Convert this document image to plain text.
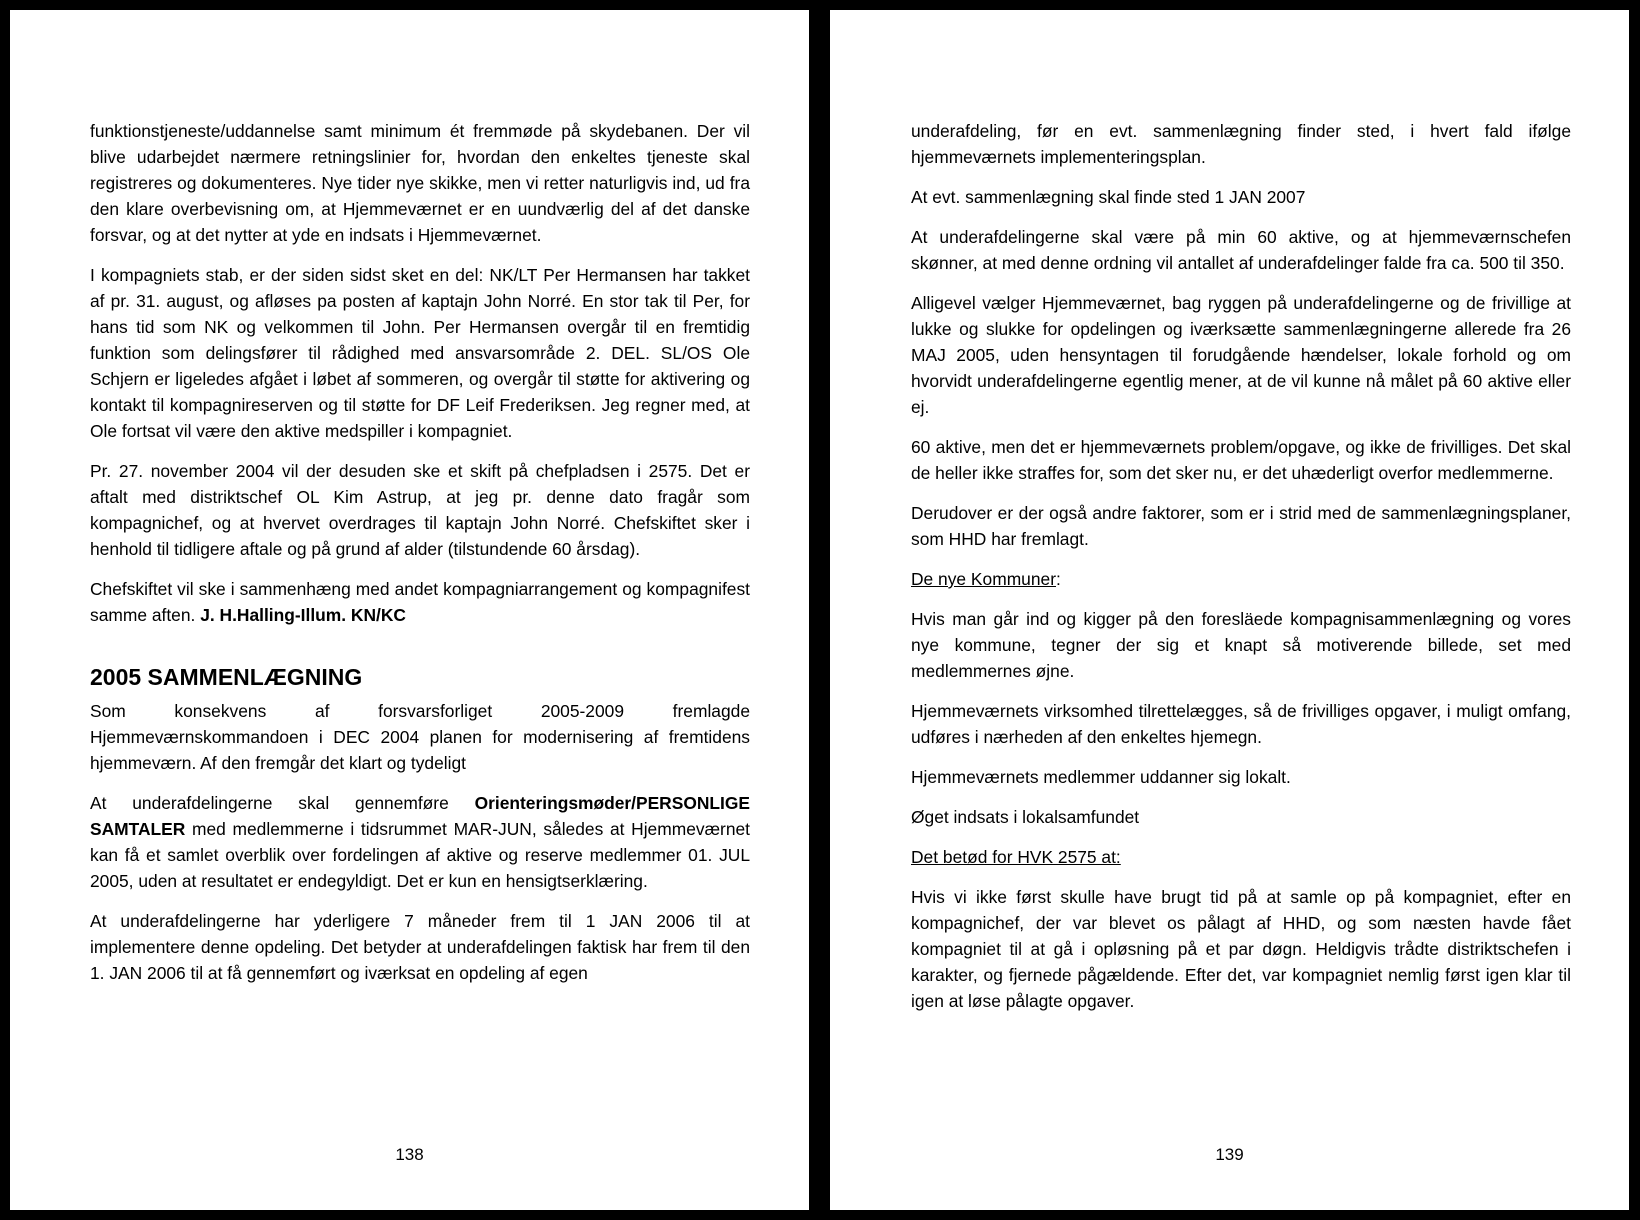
funktionstjeneste/uddannelse samt minimum ét fremmøde på skydebanen. Der vil blive udarbejdet nærmere retningslinier for, hvordan den enkeltes tjeneste skal registreres og dokumenteres. Nye tider nye skikke, men vi retter naturligvis ind, ud fra den klare overbevisning om, at Hjemmeværnet er en uundværlig del af det danske forsvar, og at det nytter at yde en indsats i Hjemmeværnet.

I kompagniets stab, er der siden sidst sket en del: NK/LT Per Hermansen har takket af pr. 31. august, og afløses pa posten af kaptajn John Norré. En stor tak til Per, for hans tid som NK og velkommen til John. Per Hermansen overgår til en fremtidig funktion som delingsfører til rådighed med ansvarsområde 2. DEL. SL/OS Ole Schjern er ligeledes afgået i løbet af sommeren, og overgår til støtte for aktivering og kontakt til kompagnireserven og til støtte for DF Leif Frederiksen. Jeg regner med, at Ole fortsat vil være den aktive medspiller i kompagniet.

Pr. 27. november 2004 vil der desuden ske et skift på chefpladsen i 2575. Det er aftalt med distriktschef OL Kim Astrup, at jeg pr. denne dato fragår som kompagnichef, og at hvervet overdrages til kaptajn John Norré. Chefskiftet sker i henhold til tidligere aftale og på grund af alder (tilstundende 60 årsdag).

Chefskiftet vil ske i sammenhæng med andet kompagniarrangement og kompagnifest samme aften. J. H.Halling-Illum. KN/KC

2005 SAMMENLÆGNING

Som konsekvens af forsvarsforliget 2005-2009 fremlagde Hjemmeværnskommandoen i DEC 2004 planen for modernisering af fremtidens hjemmeværn. Af den fremgår det klart og tydeligt

At underafdelingerne skal gennemføre Orienteringsmøder/PERSONLIGE SAMTALER med medlemmerne i tidsrummet MAR-JUN, således at Hjemmeværnet kan få et samlet overblik over fordelingen af aktive og reserve medlemmer 01. JUL 2005, uden at resultatet er endegyldigt. Det er kun en hensigtserklæring.

At underafdelingerne har yderligere 7 måneder frem til 1 JAN 2006 til at implementere denne opdeling. Det betyder at underafdelingen faktisk har frem til den 1. JAN 2006 til at få gennemført og iværksat en opdeling af egen

138

underafdeling, før en evt. sammenlægning finder sted, i hvert fald ifølge hjemmeværnets implementeringsplan.

At evt. sammenlægning skal finde sted 1 JAN 2007

At underafdelingerne skal være på min 60 aktive, og at hjemmeværnschefen skønner, at med denne ordning vil antallet af underafdelinger falde fra ca. 500 til 350.

Alligevel vælger Hjemmeværnet, bag ryggen på underafdelingerne og de frivillige at lukke og slukke for opdelingen og iværksætte sammenlægningerne allerede fra 26 MAJ 2005, uden hensyntagen til forudgående hændelser, lokale forhold og om hvorvidt underafdelingerne egentlig mener, at de vil kunne nå målet på 60 aktive eller ej.

60 aktive, men det er hjemmeværnets problem/opgave, og ikke de frivilliges. Det skal de heller ikke straffes for, som det sker nu, er det uhæderligt overfor medlemmerne.

Derudover er der også andre faktorer, som er i strid med de sammenlægningsplaner, som HHD har fremlagt.

De nye Kommuner:

Hvis man går ind og kigger på den foresläede kompagnisammenlægning og vores nye kommune, tegner der sig et knapt så motiverende billede, set med medlemmernes øjne.

Hjemmeværnets virksomhed tilrettelægges, så de frivilliges opgaver, i muligt omfang, udføres i nærheden af den enkeltes hjemegn.

Hjemmeværnets medlemmer uddanner sig lokalt.

Øget indsats i lokalsamfundet

Det betød for HVK 2575 at:

Hvis vi ikke først skulle have brugt tid på at samle op på kompagniet, efter en kompagnichef, der var blevet os pålagt af HHD, og som næsten havde fået kompagniet til at gå i opløsning på et par døgn. Heldigvis trådte distriktschefen i karakter, og fjernede pågældende. Efter det, var kompagniet nemlig først igen klar til igen at løse pålagte opgaver.

139
